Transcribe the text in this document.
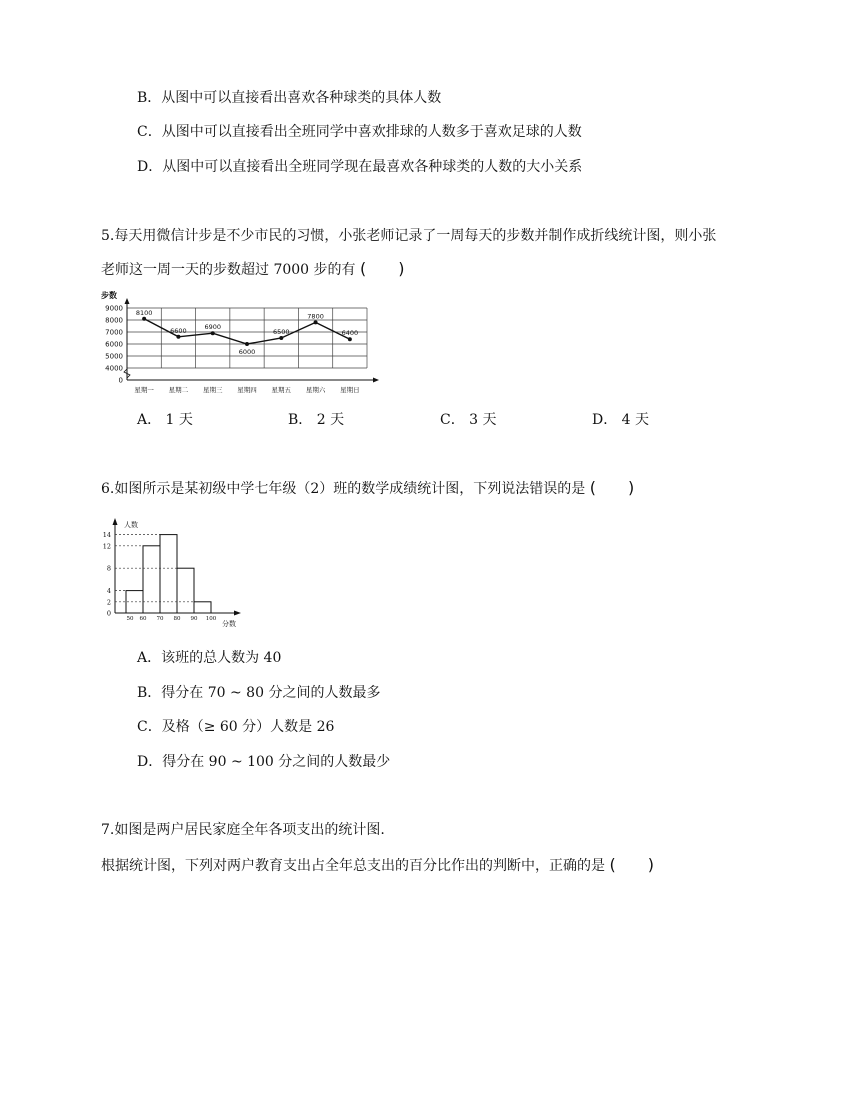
B．从图中可以直接看出喜欢各种球类的具体人数
C．从图中可以直接看出全班同学中喜欢排球的人数多于喜欢足球的人数
D．从图中可以直接看出全班同学现在最喜欢各种球类的人数的大小关系
5.每天用微信计步是不少市民的习惯，小张老师记录了一周每天的步数并制作成折线统计图，则小张
老师这一周一天的步数超过 7000 步的有 (　　)
步数
9000
8000
7000
6000
5000
4000
0
星期一 星期二 星期三 星期四 星期五 星期六 星期日
8100
6600	6900
6000
6500
7800
6400
A． 1 天	B． 2 天	C． 3 天	D． 4 天
6.如图所示是某初级中学七年级（2）班的数学成绩统计图，下列说法错误的是 (　　)
人数
分数
14
12
8
4
2
0
50 60 70 80 90 100
A．该班的总人数为 40
B．得分在 70 ~ 80 分之间的人数最多
C．及格（≥ 60 分）人数是 26
D．得分在 90 ~ 100 分之间的人数最少
7.如图是两户居民家庭全年各项支出的统计图.
根据统计图，下列对两户教育支出占全年总支出的百分比作出的判断中，正确的是 (　　)
